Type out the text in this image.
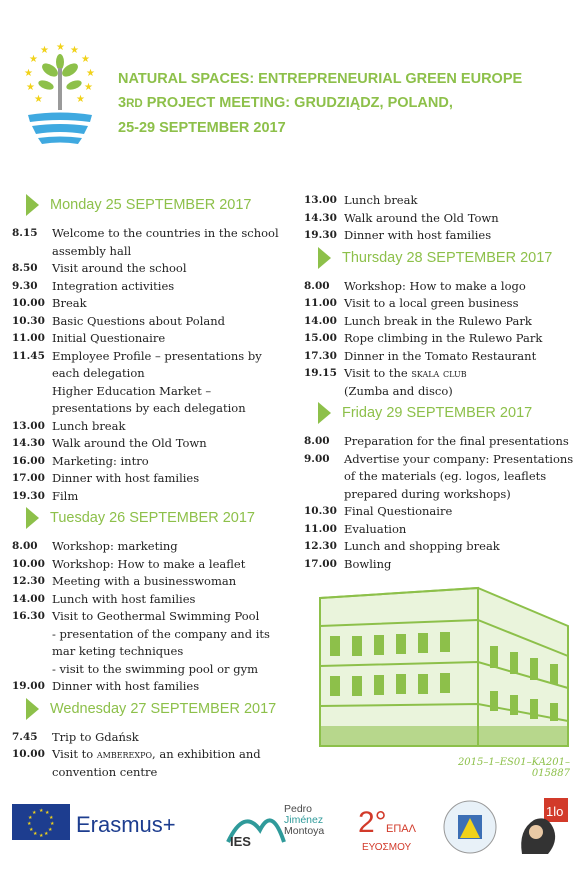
★ ★
★
★
★
★
★
★
★
★
★
NATURAL SPACES: ENTREPRENEURIAL GREEN EUROPE
3RD PROJECT MEETING: GRUDZIĄDZ, POLAND,
25-29 SEPTEMBER 2017
Monday 25 SEPTEMBER 2017
8.15	Welcome to the countries in the school assembly hall
8.50	Visit around the school
9.30	Integration activities
10.00 Break
10.30 Basic Questions about Poland
11.00 Initial Questionaire
11.45 Employee Profile – presentations by each delegation
Higher Education Market – presentations by each delegation
13.00 Lunch break
14.30 Walk around the Old Town
16.00 Marketing: intro
17.00 Dinner with host families
19.30 Film
Tuesday 26 SEPTEMBER 2017
8.00	Workshop: marketing
10.00 Workshop: How to make a leaflet
12.30 Meeting with a businesswoman
14.00 Lunch with host families
16.30 Visit to Geothermal Swimming Pool
- presentation of the company and its mar keting techniques
- visit to the swimming pool or gym
19.00 Dinner with host families
Wednesday 27 SEPTEMBER 2017
7.45	Trip to Gdańsk
10.00 Visit to amberexpo, an exhibition and convention centre
13.00 Lunch break
14.30 Walk around the Old Town
19.30 Dinner with host families
Thursday 28 SEPTEMBER 2017
8.00	Workshop: How to make a logo
11.00 Visit to a local green business
14.00 Lunch break in the Rulewo Park
15.00 Rope climbing in the Rulewo Park
17.30 Dinner in the Tomato Restaurant
19.15 Visit to the skala club
(Zumba and disco)
Friday 29 SEPTEMBER 2017
8.00	Preparation for the final presentations
9.00	Advertise your company: Presentations of the materials (eg. logos, leaflets prepared during workshops)
10.30 Final Questionaire
11.00 Evaluation
12.30 Lunch and shopping break
17.00 Bowling
2015–1–ES01–KA201–015887
★ ★
★
★
★
★
★
★
★
★
★
★ Erasmus+
IES
Pedro
Jiménez
Montoya 2° ΕΠΑΛ
ΕΥΟΣΜΟΥ
1lo
